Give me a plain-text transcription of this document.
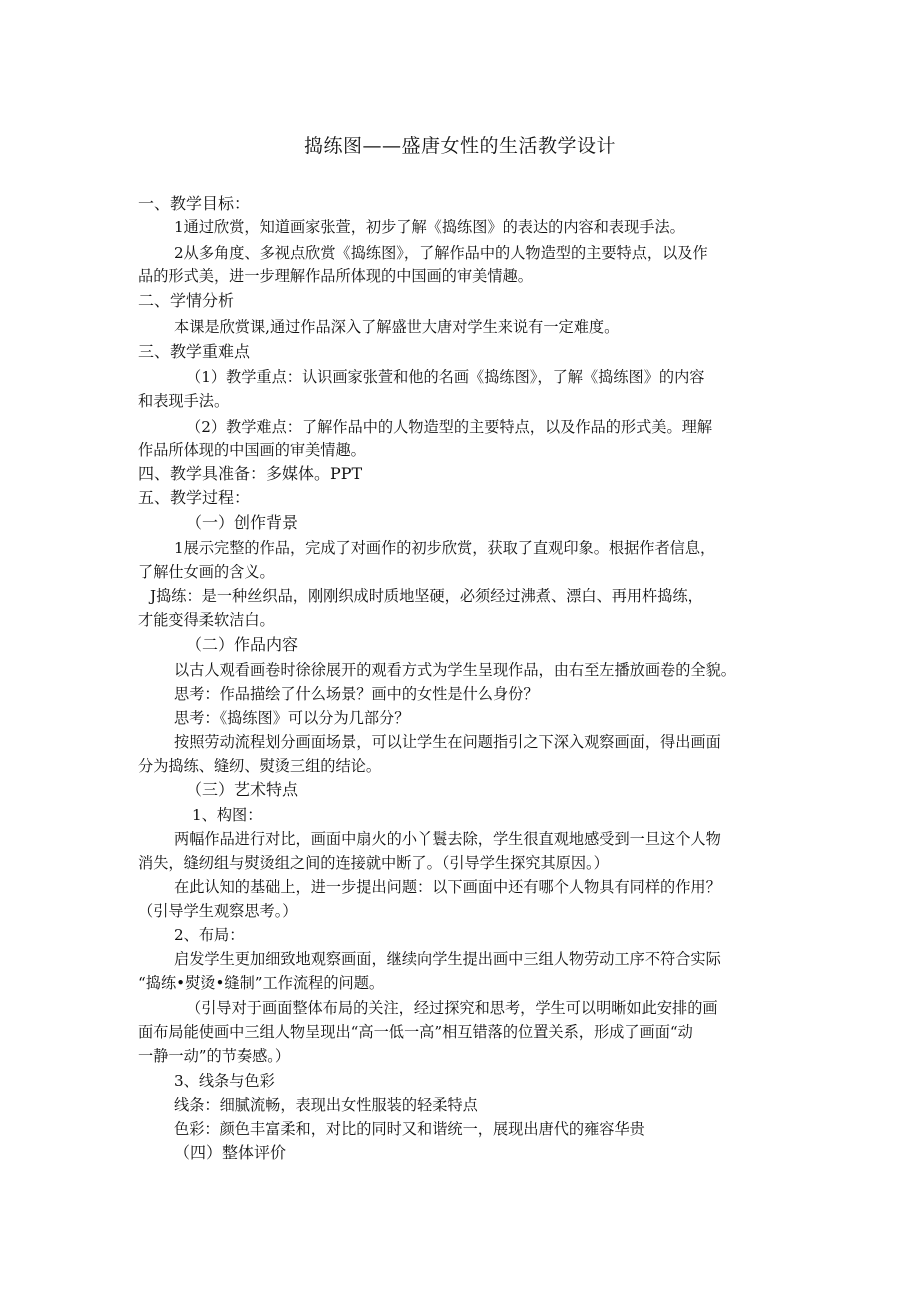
捣练图——盛唐女性的生活教学设计
一、教学目标：
1通过欣赏，知道画家张萱，初步了解《捣练图》的表达的内容和表现手法。
2从多角度、多视点欣赏《捣练图》，了解作品中的人物造型的主要特点，以及作
品的形式美，进一步理解作品所体现的中国画的审美情趣。
二、学情分析
本课是欣赏课,通过作品深入了解盛世大唐对学生来说有一定难度。
三、教学重难点
（1）教学重点：认识画家张萱和他的名画《捣练图》，了解《捣练图》的内容
和表现手法。
（2）教学难点：了解作品中的人物造型的主要特点，以及作品的形式美。理解
作品所体现的中国画的审美情趣。
四、教学具准备：多媒体。PPT
五、教学过程：
（一）创作背景
1展示完整的作品，完成了对画作的初步欣赏，获取了直观印象。根据作者信息，
了解仕女画的含义。
J捣练：是一种丝织品，刚刚织成时质地坚硬，必须经过沸煮、漂白、再用杵捣练，
才能变得柔软洁白。
（二）作品内容
以古人观看画卷时徐徐展开的观看方式为学生呈现作品，由右至左播放画卷的全貌。
思考：作品描绘了什么场景？画中的女性是什么身份？
思考：《捣练图》可以分为几部分？
按照劳动流程划分画面场景，可以让学生在问题指引之下深入观察画面，得出画面
分为捣练、缝纫、熨烫三组的结论。
（三）艺术特点
1、构图：
两幅作品进行对比，画面中扇火的小丫鬟去除，学生很直观地感受到一旦这个人物
消失，缝纫组与熨烫组之间的连接就中断了。（引导学生探究其原因。）
在此认知的基础上，进一步提出问题：以下画面中还有哪个人物具有同样的作用？
（引导学生观察思考。）
2、布局：
启发学生更加细致地观察画面，继续向学生提出画中三组人物劳动工序不符合实际
“捣练•熨烫•缝制”工作流程的问题。
（引导对于画面整体布局的关注，经过探究和思考，学生可以明晰如此安排的画
面布局能使画中三组人物呈现出“高一低一高”相互错落的位置关系，形成了画面“动
一静一动”的节奏感。）
3、线条与色彩
线条：细腻流畅，表现出女性服装的轻柔特点
色彩：颜色丰富柔和，对比的同时又和谐统一，展现出唐代的雍容华贵
（四）整体评价
